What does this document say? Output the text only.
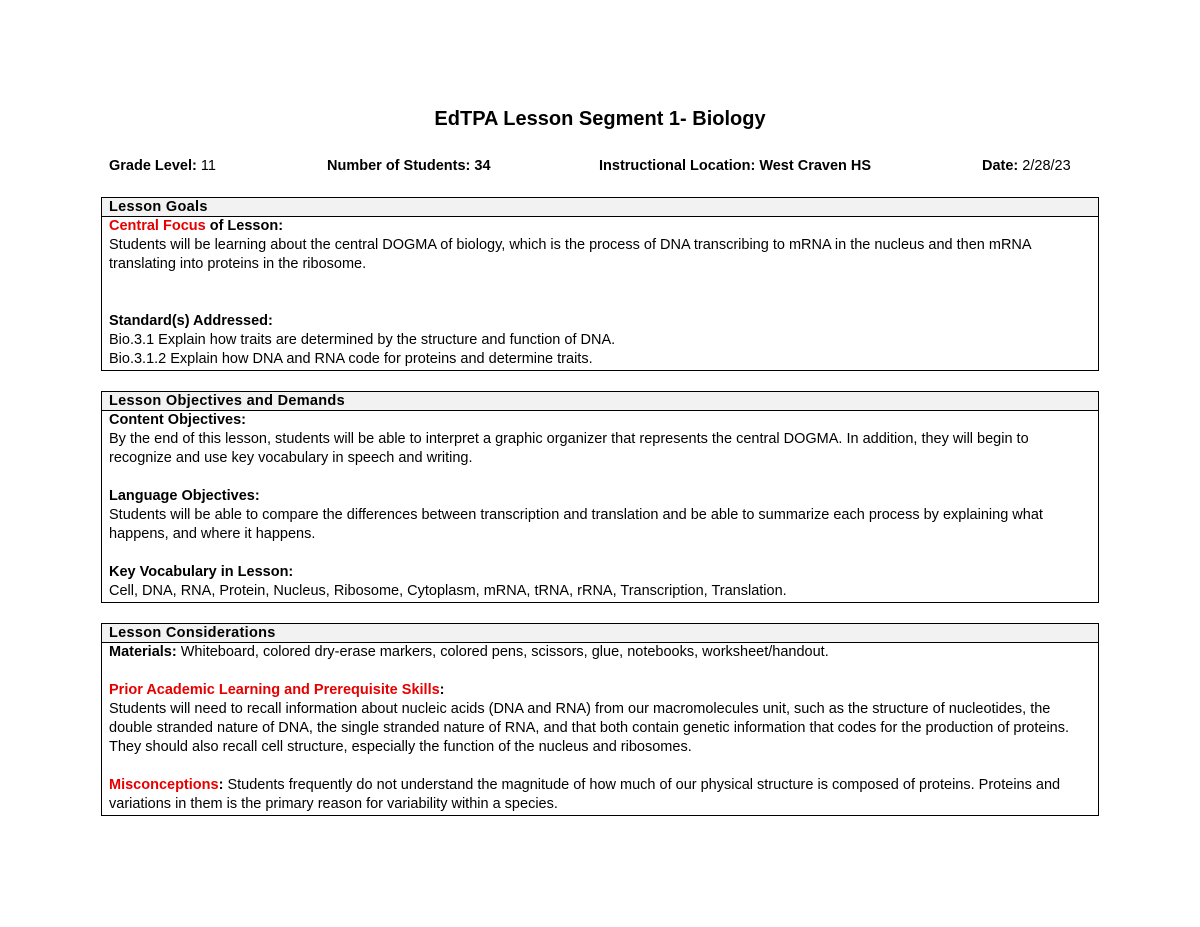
EdTPA Lesson Segment 1- Biology
Grade Level: 11	Number of Students: 34	Instructional Location: West Craven HS	Date: 2/28/23
Lesson Goals

Central Focus of Lesson:

Students will be learning about the central DOGMA of biology, which is the process of DNA transcribing to mRNA in the nucleus and then mRNA translating into proteins in the ribosome.

Standard(s) Addressed:

Bio.3.1 Explain how traits are determined by the structure and function of DNA.

Bio.3.1.2 Explain how DNA and RNA code for proteins and determine traits.

Lesson Objectives and Demands

Content Objectives:

By the end of this lesson, students will be able to interpret a graphic organizer that represents the central DOGMA. In addition, they will begin to recognize and use key vocabulary in speech and writing.

Language Objectives:

Students will be able to compare the differences between transcription and translation and be able to summarize each process by explaining what happens, and where it happens.

Key Vocabulary in Lesson:

Cell, DNA, RNA, Protein, Nucleus, Ribosome, Cytoplasm, mRNA, tRNA, rRNA, Transcription, Translation.

Lesson Considerations

Materials: Whiteboard, colored dry-erase markers, colored pens, scissors, glue, notebooks, worksheet/handout.

Prior Academic Learning and Prerequisite Skills:

Students will need to recall information about nucleic acids (DNA and RNA) from our macromolecules unit, such as the structure of nucleotides, the double stranded nature of DNA, the single stranded nature of RNA, and that both contain genetic information that codes for the production of proteins. They should also recall cell structure, especially the function of the nucleus and ribosomes.

Misconceptions: Students frequently do not understand the magnitude of how much of our physical structure is composed of proteins. Proteins and variations in them is the primary reason for variability within a species.
